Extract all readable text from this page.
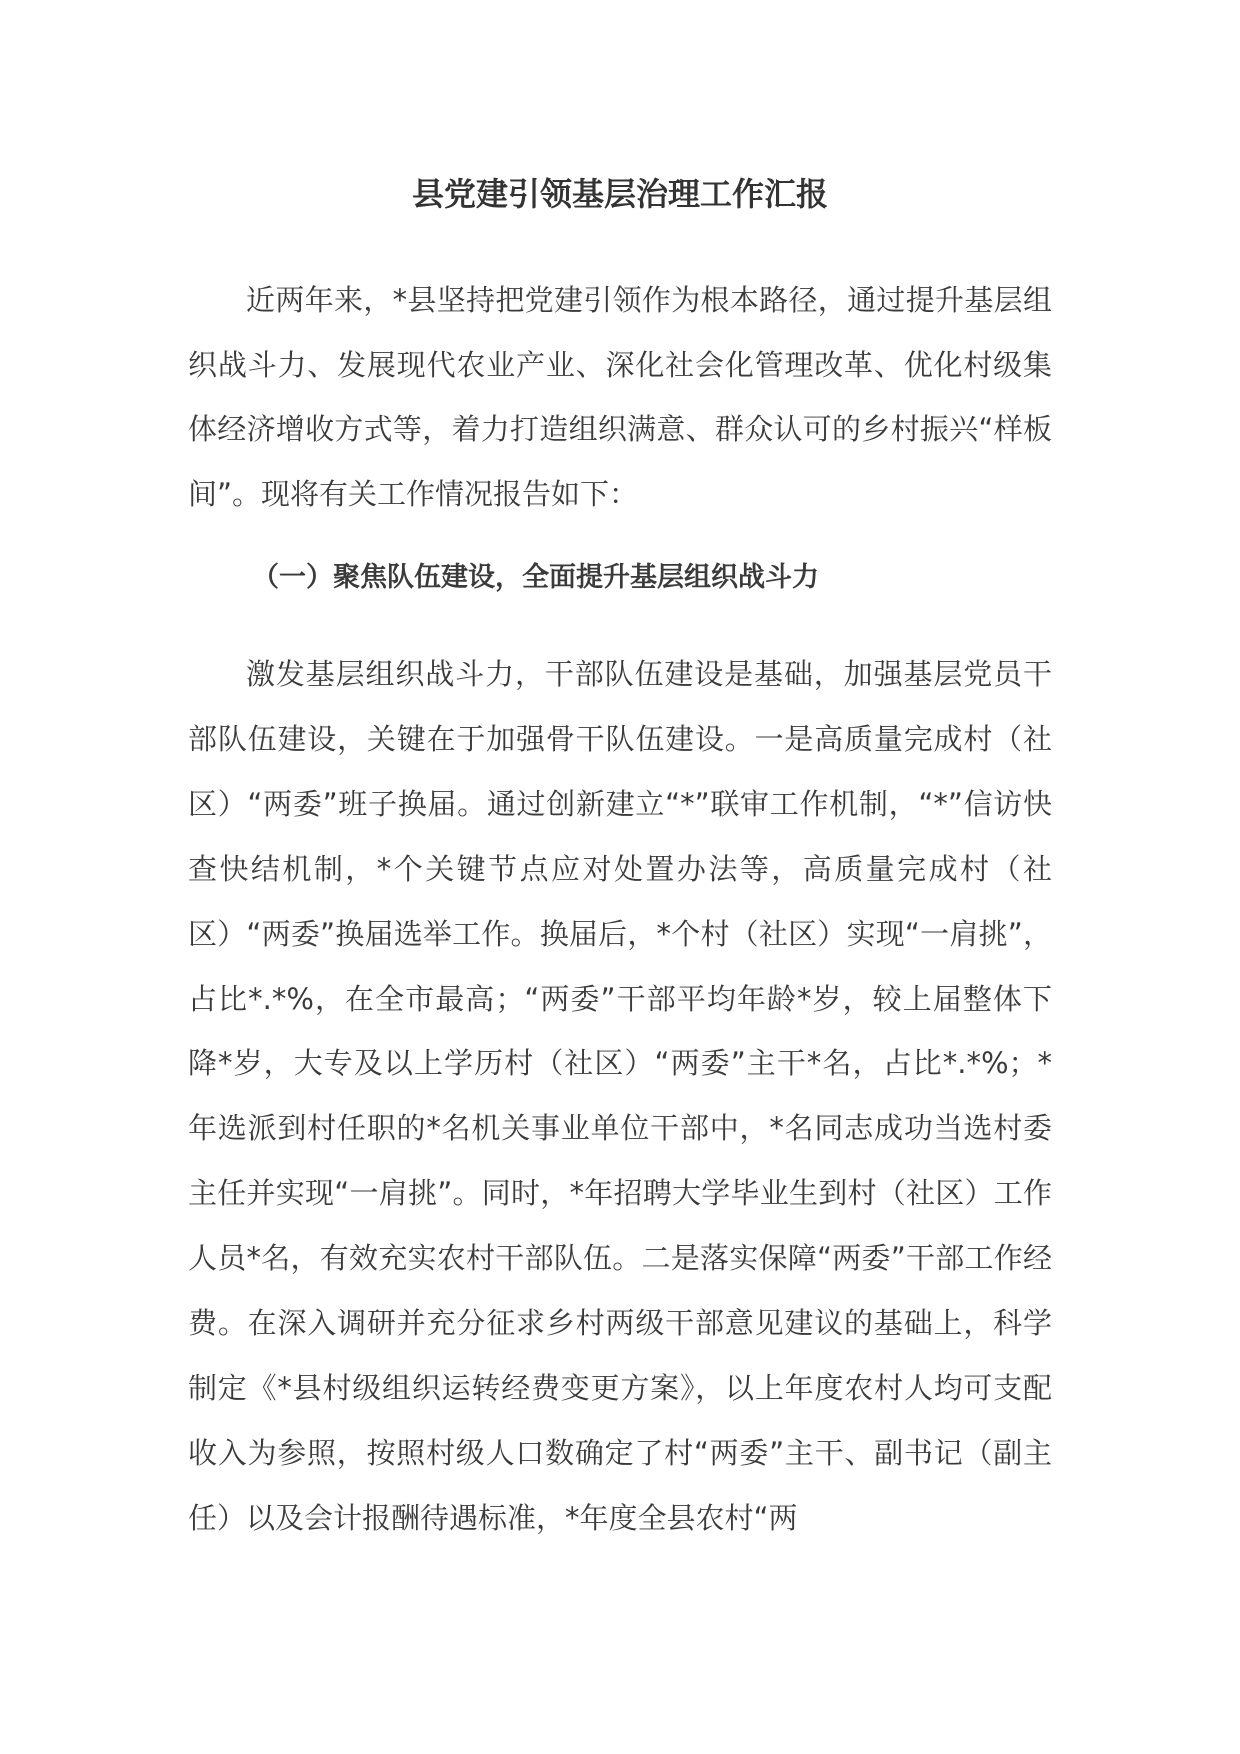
县党建引领基层治理工作汇报

近两年来，*县坚持把党建引领作为根本路径，通过提升基层组织战斗力、发展现代农业产业、深化社会化管理改革、优化村级集体经济增收方式等，着力打造组织满意、群众认可的乡村振兴“样板间”。现将有关工作情况报告如下：

（一）聚焦队伍建设，全面提升基层组织战斗力

激发基层组织战斗力，干部队伍建设是基础，加强基层党员干部队伍建设，关键在于加强骨干队伍建设。一是高质量完成村（社区）“两委”班子换届。通过创新建立“*”联审工作机制，“*”信访快查快结机制，*个关键节点应对处置办法等，高质量完成村（社区）“两委”换届选举工作。换届后，*个村（社区）实现“一肩挑”，占比*.*%，在全市最高；“两委”干部平均年龄*岁，较上届整体下降*岁，大专及以上学历村（社区）“两委”主干*名，占比*.*%；*年选派到村任职的*名机关事业单位干部中，*名同志成功当选村委主任并实现“一肩挑”。同时，*年招聘大学毕业生到村（社区）工作人员*名，有效充实农村干部队伍。二是落实保障“两委”干部工作经费。在深入调研并充分征求乡村两级干部意见建议的基础上，科学制定《*县村级组织运转经费变更方案》，以上年度农村人均可支配收入为参照，按照村级人口数确定了村“两委”主干、副书记（副主任）以及会计报酬待遇标准，*年度全县农村“两
